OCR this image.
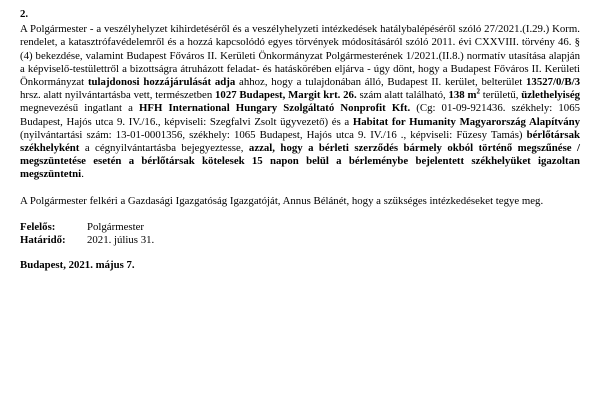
2.

A Polgármester - a veszélyhelyzet kihirdetéséről és a veszélyhelyzeti intézkedések hatálybalépéséről szóló 27/2021.(I.29.) Korm. rendelet, a katasztrófavédelemről és a hozzá kapcsolódó egyes törvények módosításáról szóló 2011. évi CXXVIII. törvény 46. § (4) bekezdése, valamint Budapest Főváros II. Kerületi Önkormányzat Polgármesterének 1/2021.(II.8.) normatív utasítása alapján a képviselő-testülettről a bizottságra átruházott feladat- és hatáskörében eljárva - úgy dönt, hogy a Budapest Főváros II. Kerületi Önkormányzat tulajdonosi hozzájárulását adja ahhoz, hogy a tulajdonában álló, Budapest II. kerület, belterület 13527/0/B/3 hrsz. alatt nyilvántartásba vett, természetben 1027 Budapest, Margit krt. 26. szám alatt található, 138 $m^2$ területű, üzlethelyiség megnevezésű ingatlant a HFH International Hungary Szolgáltató Nonprofit Kft. (Cg: 01-09-921436. székhely: 1065 Budapest, Hajós utca 9. IV./16., képviseli: Szegfalvi Zsolt ügyvezető) és a Habitat for Humanity Magyarország Alapítvány (nyilvántartási szám: 13-01-0001356, székhely: 1065 Budapest, Hajós utca 9. IV./16 ., képviseli: Füzesy Tamás) bérlőtársak székhelyként a cégnyilvántartásba bejegyeztesse, azzal, hogy a bérleti szerződés bármely okból történő megszűnése / megszüntetése esetén a bérlőtársak kötelesek 15 napon belül a bérleménybe bejelentett székhelyüket igazoltan megszüntetni.

A Polgármester felkéri a Gazdasági Igazgatóság Igazgatóját, Annus Bélánét, hogy a szükséges intézkedéseket tegye meg.

Felelős:	Polgármester
Határidő:	2021. július 31.

Budapest, 2021. május 7.
